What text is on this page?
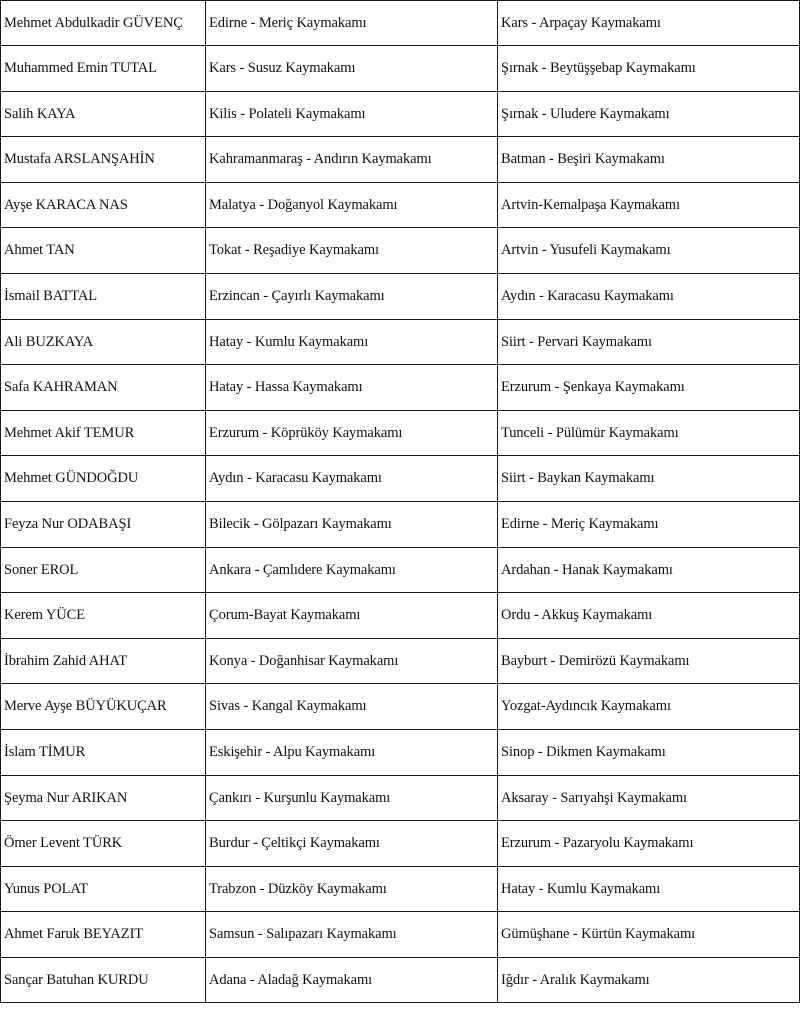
Mehmet Abdulkadir GÜVENÇ	Edirne - Meriç Kaymakamı	Kars - Arpaçay Kaymakamı
Muhammed Emin TUTAL	Kars - Susuz Kaymakamı	Şırnak - Beytüşşebap Kaymakamı
Salih KAYA	Kilis - Polateli Kaymakamı	Şırnak - Uludere Kaymakamı
Mustafa ARSLANŞAHİN	Kahramanmaraş - Andırın Kaymakamı	Batman - Beşiri Kaymakamı
Ayşe KARACA NAS	Malatya - Doğanyol Kaymakamı	Artvin-Kemalpaşa Kaymakamı
Ahmet TAN	Tokat - Reşadiye Kaymakamı	Artvin - Yusufeli Kaymakamı
İsmail BATTAL	Erzincan - Çayırlı Kaymakamı	Aydın - Karacasu Kaymakamı
Ali BUZKAYA	Hatay - Kumlu Kaymakamı	Siirt - Pervari Kaymakamı
Safa KAHRAMAN	Hatay - Hassa Kaymakamı	Erzurum - Şenkaya Kaymakamı
Mehmet Akif TEMUR	Erzurum - Köprüköy Kaymakamı	Tunceli - Pülümür Kaymakamı
Mehmet GÜNDOĞDU	Aydın - Karacasu Kaymakamı	Siirt - Baykan Kaymakamı
Feyza Nur ODABAŞI	Bilecik - Gölpazarı Kaymakamı	Edirne - Meriç Kaymakamı
Soner EROL	Ankara - Çamlıdere Kaymakamı	Ardahan - Hanak Kaymakamı
Kerem YÜCE	Çorum-Bayat Kaymakamı	Ordu - Akkuş Kaymakamı
İbrahim Zahid AHAT	Konya - Doğanhisar Kaymakamı	Bayburt - Demirözü Kaymakamı
Merve Ayşe BÜYÜKUÇAR	Sivas - Kangal Kaymakamı	Yozgat-Aydıncık Kaymakamı
İslam TİMUR	Eskişehir - Alpu Kaymakamı	Sinop - Dikmen Kaymakamı
Şeyma Nur ARIKAN	Çankırı - Kurşunlu Kaymakamı	Aksaray - Sarıyahşi Kaymakamı
Ömer Levent TÜRK	Burdur - Çeltikçi Kaymakamı	Erzurum - Pazaryolu Kaymakamı
Yunus POLAT	Trabzon - Düzköy Kaymakamı	Hatay - Kumlu Kaymakamı
Ahmet Faruk BEYAZIT	Samsun - Salıpazarı Kaymakamı	Gümüşhane - Kürtün Kaymakamı
Sançar Batuhan KURDU	Adana - Aladağ Kaymakamı	Iğdır - Aralık Kaymakamı
